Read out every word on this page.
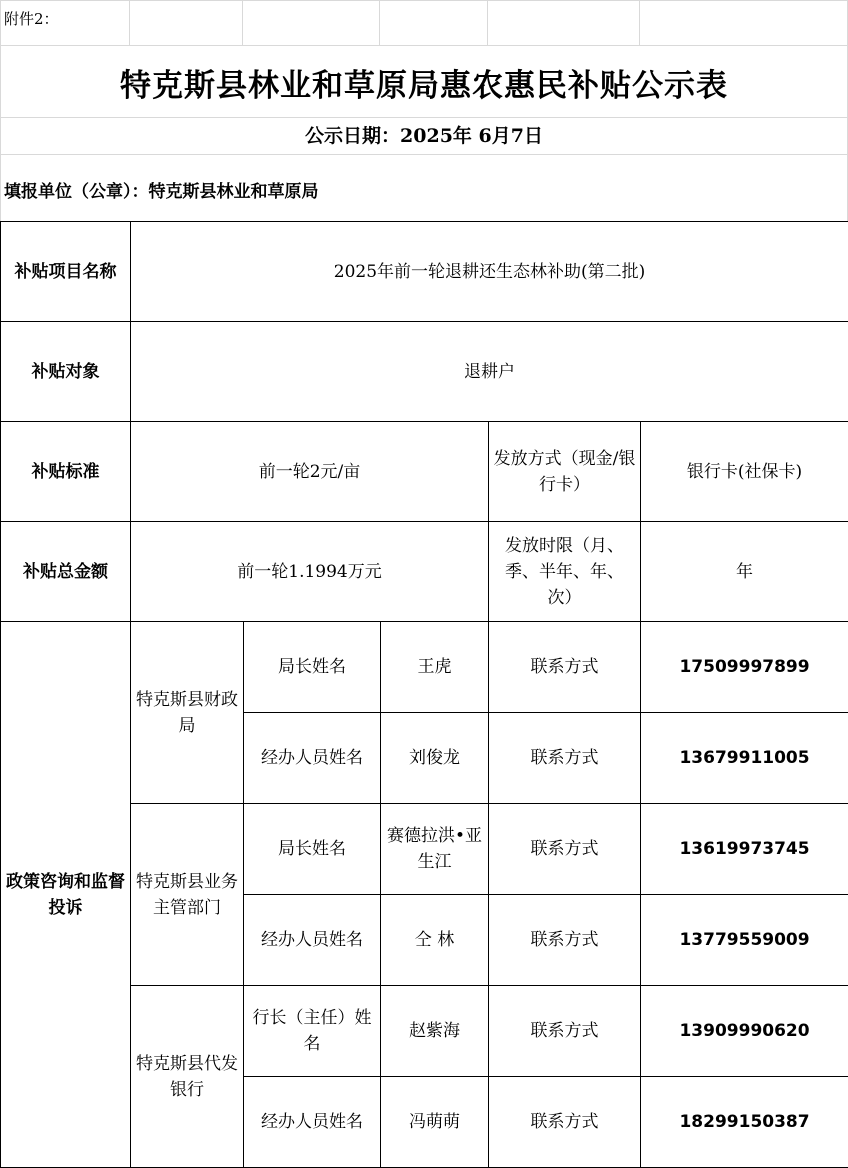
附件2：
特克斯县林业和草原局惠农惠民补贴公示表
公示日期：2025年 6月7日
填报单位（公章）：特克斯县林业和草原局
补贴项目名称	2025年前一轮退耕还生态林补助(第二批)				
补贴对象	退耕户				
补贴标准	前一轮2元/亩			发放方式（现金/银行卡）	银行卡(社保卡)
补贴总金额	前一轮1.1994万元			发放时限（月、季、半年、年、次）	年
政策咨询和监督投诉	特克斯县财政局	局长姓名	王虎	联系方式	17509997899
		经办人员姓名	刘俊龙	联系方式	13679911005
	特克斯县业务主管部门	局长姓名	赛德拉洪•亚生江	联系方式	13619973745
		经办人员姓名	仝 林	联系方式	13779559009
	特克斯县代发银行	行长（主任）姓名	赵紫海	联系方式	13909990620
		经办人员姓名	冯萌萌	联系方式	18299150387
